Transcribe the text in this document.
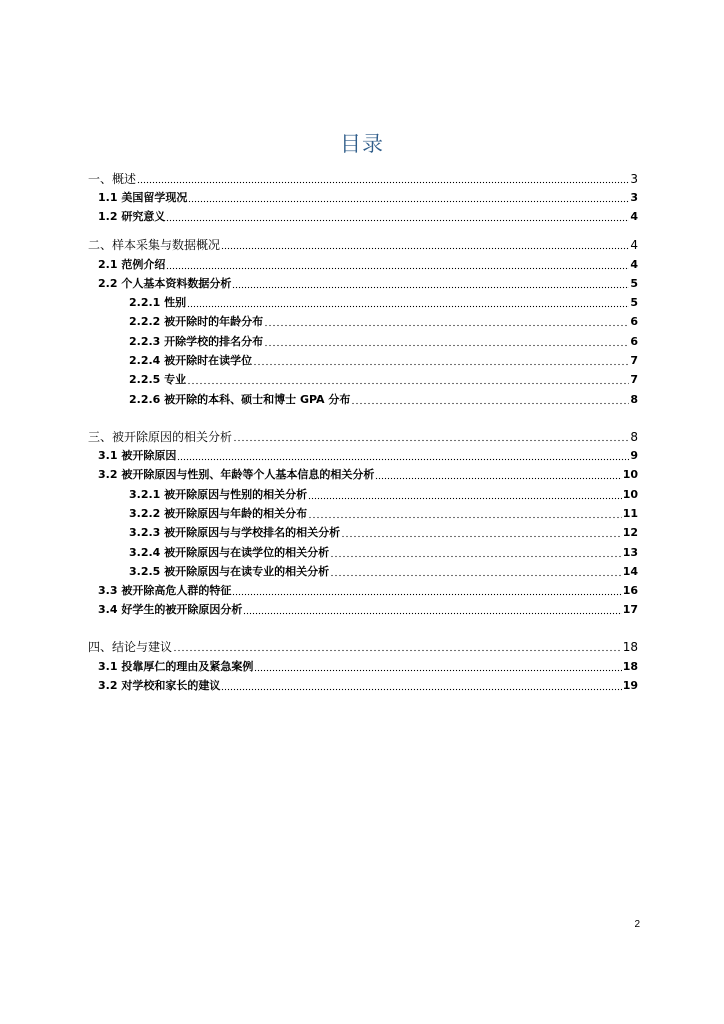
目录
一、概述	3
1.1 美国留学现况	3
1.2 研究意义	4
二、样本采集与数据概况	4
2.1 范例介绍	4
2.2 个人基本资料数据分析	5
2.2.1 性别	5
2.2.2 被开除时的年龄分布	6
2.2.3 开除学校的排名分布	6
2.2.4 被开除时在读学位	7
2.2.5 专业	7
2.2.6 被开除的本科、硕士和博士 GPA 分布	8
三、被开除原因的相关分析	8
3.1 被开除原因	9
3.2 被开除原因与性别、年龄等个人基本信息的相关分析	10
3.2.1 被开除原因与性别的相关分析	10
3.2.2 被开除原因与年龄的相关分布	11
3.2.3 被开除原因与与学校排名的相关分析	12
3.2.4 被开除原因与在读学位的相关分析	13
3.2.5 被开除原因与在读专业的相关分析	14
3.3 被开除高危人群的特征	16
3.4 好学生的被开除原因分析	17
四、结论与建议	18
3.1 投靠厚仁的理由及紧急案例	18
3.2 对学校和家长的建议	19
2
